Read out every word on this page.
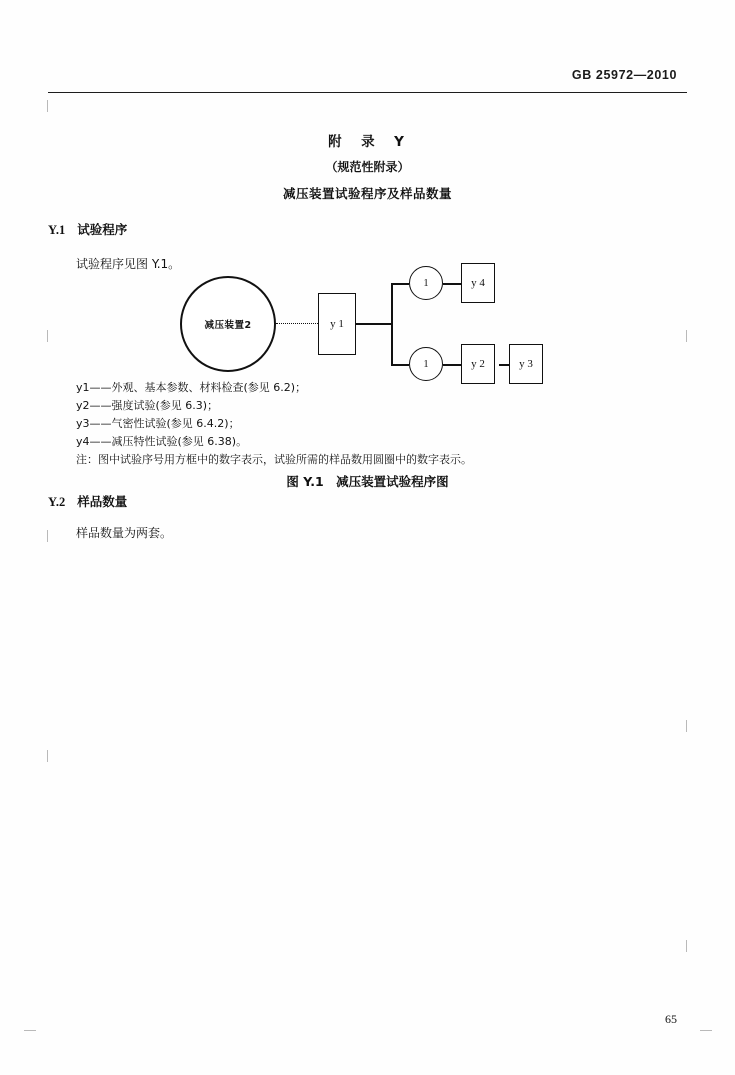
GB 25972—2010
附　录　Y
（规范性附录）
减压装置试验程序及样品数量
Y.1 试验程序
试验程序见图 Y.1。
减压装置2	y 1
1	y 4
1	y 2	y 3
y1——外观、基本参数、材料检查(参见 6.2)；
y2——强度试验(参见 6.3)；
y3——气密性试验(参见 6.4.2)；
y4——减压特性试验(参见 6.38)。
注：图中试验序号用方框中的数字表示，试验所需的样品数用圆圈中的数字表示。
图 Y.1　减压装置试验程序图
Y.2 样品数量
样品数量为两套。
65
